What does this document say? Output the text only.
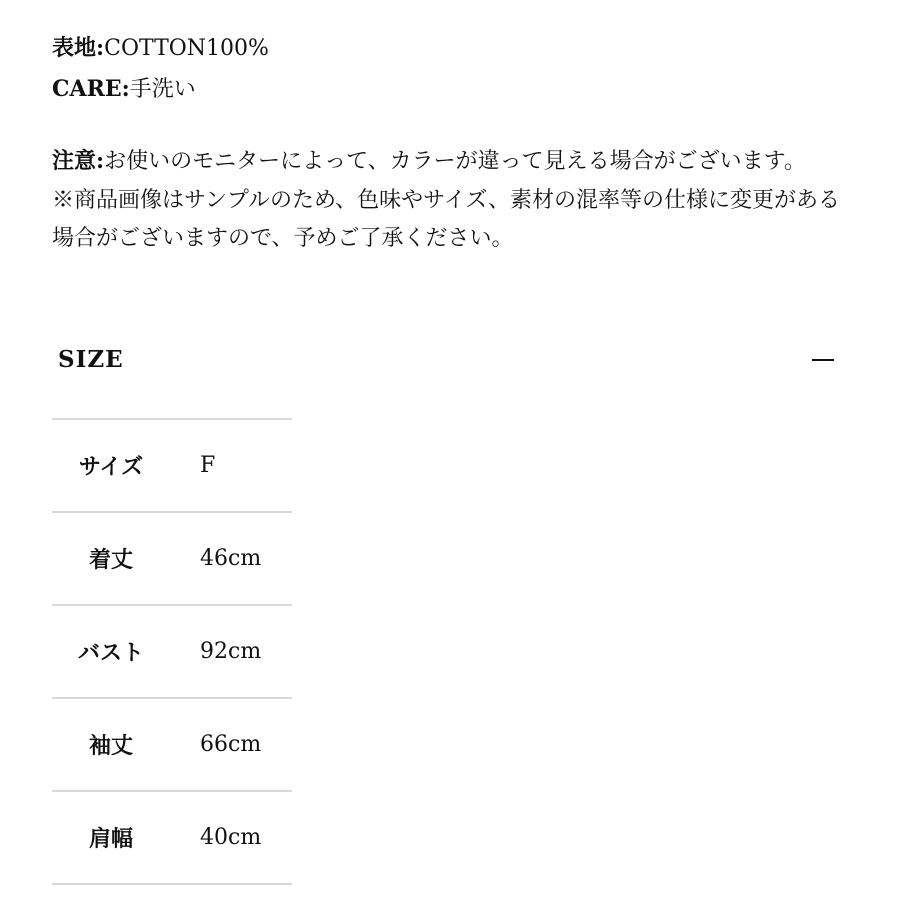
表地:COTTON100%
CARE:手洗い

注意:お使いのモニターによって、カラーが違って見える場合がございます。

※商品画像はサンプルのため、色味やサイズ、素材の混率等の仕様に変更がある場合がございますので、予めご了承ください。

SIZE
サイズ	F
着丈	46cm
バスト	92cm
袖丈	66cm
肩幅	40cm
